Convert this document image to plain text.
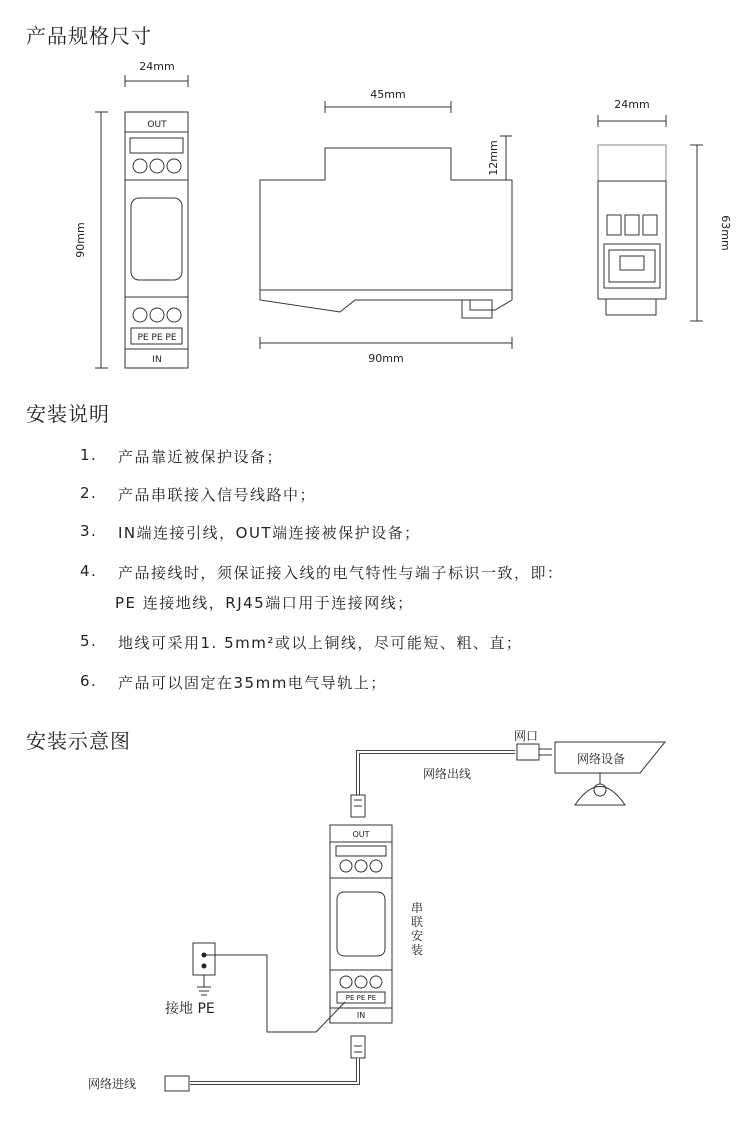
产品规格尺寸
安装说明
安装示意图
24mm
OUT
PE PE PE
IN
90mm
45mm
12mm
90mm
24mm
63mm
1.	产品靠近被保护设备；
2.	产品串联接入信号线路中；
3.	IN端连接引线，OUT端连接被保护设备；
4.	产品接线时，须保证接入线的电气特性与端子标识一致，即：
PE 连接地线，RJ45端口用于连接网线；
5.	地线可采用1. 5mm²或以上铜线，尽可能短、粗、直；
6.	产品可以固定在35mm电气导轨上；
OUT
PE PE PE
IN
网口
网络设备
网络出线
串
联
安
装
接地 PE
网络进线
